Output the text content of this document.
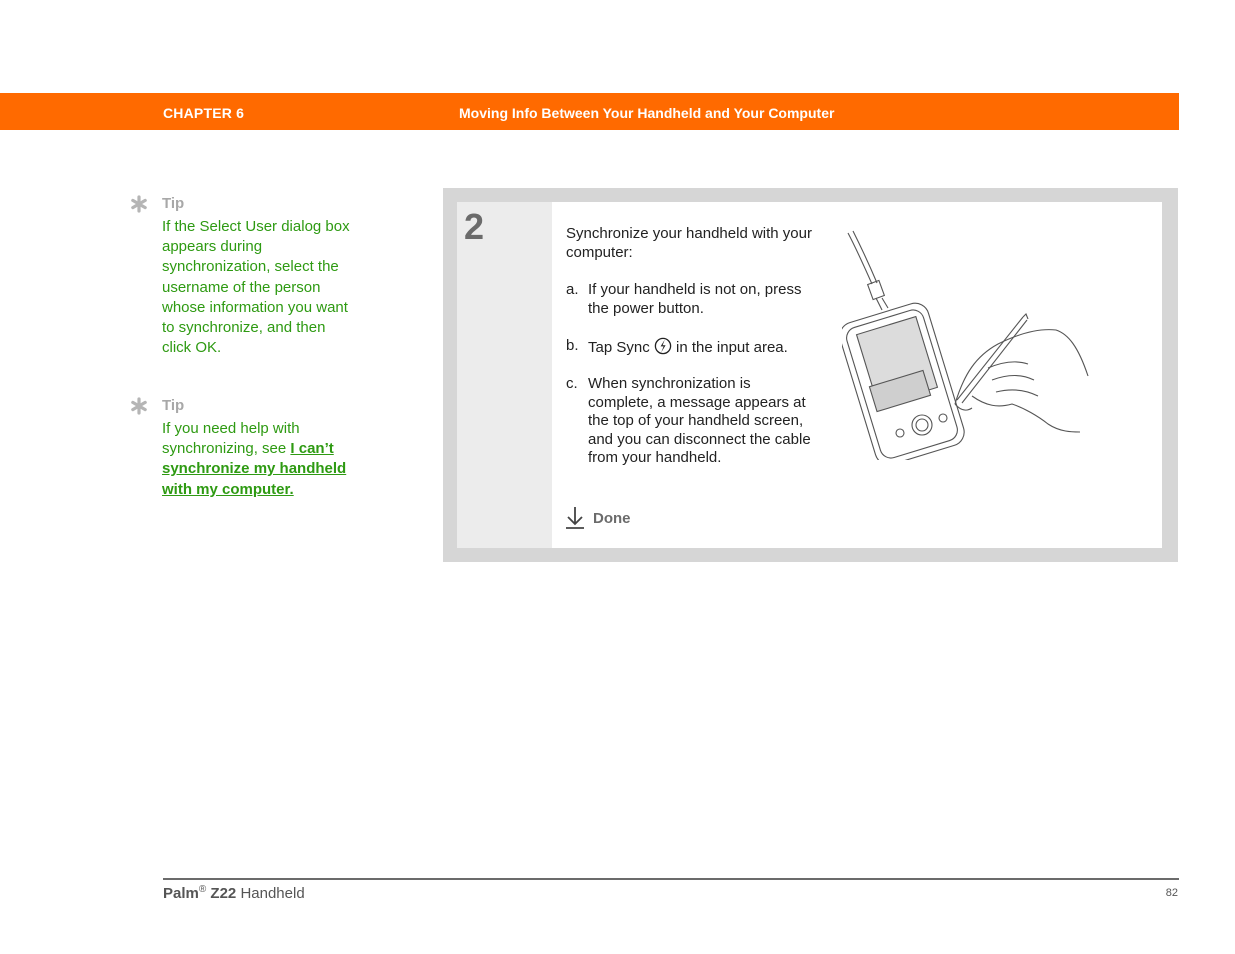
CHAPTER 6	Moving Info Between Your Handheld and Your Computer
Tip
If the Select User dialog box appears during synchronization, select the username of the person whose information you want to synchronize, and then click OK.
Tip
If you need help with synchronizing, see I can’t synchronize my handheld with my computer.
2	Synchronize your handheld with your computer:
a. If your handheld is not on, press the power button.
b. Tap Sync in the input area.
c. When synchronization is complete, a message appears at the top of your handheld screen, and you can disconnect the cable from your handheld.
Done
Palm® Z22 Handheld	82
